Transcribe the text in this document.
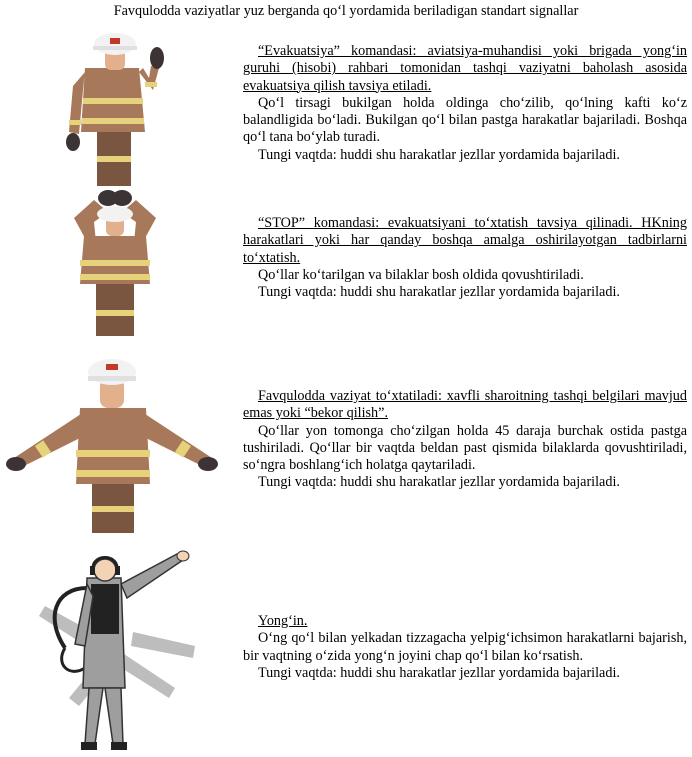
Favqulodda vaziyatlar yuz berganda qo‘l yordamida beriladigan standart signallar

“Evakuatsiya” komandasi: aviatsiya-muhandisi yoki brigada yong‘in guruhi (hisobi) rahbari tomonidan tashqi vaziyatni baholash asosida evakuatsiya qilish tavsiya etiladi.

Qo‘l tirsagi bukilgan holda oldinga cho‘zilib, qo‘lning kafti ko‘z balandligida bo‘ladi. Bukilgan qo‘l bilan pastga harakatlar bajariladi. Boshqa qo‘l tana bo‘ylab turadi.

Tungi vaqtda: huddi shu harakatlar jezllar yordamida bajariladi.

“STOP” komandasi: evakuatsiyani to‘xtatish tavsiya qilinadi. HKning harakatlari yoki har qanday boshqa amalga oshirilayotgan tadbirlarni to‘xtatish.

Qo‘llar ko‘tarilgan va bilaklar bosh oldida qovushtiriladi.

Tungi vaqtda: huddi shu harakatlar jezllar yordamida bajariladi.

Favqulodda vaziyat to‘xtatiladi: xavfli sharoitning tashqi belgilari mavjud emas yoki “bekor qilish”.

Qo‘llar yon tomonga cho‘zilgan holda 45 daraja burchak ostida pastga tushiriladi. Qo‘llar bir vaqtda beldan past qismida bilaklarda qovushtiriladi, so‘ngra boshlang‘ich holatga qaytariladi.

Tungi vaqtda: huddi shu harakatlar jezllar yordamida bajariladi.

Yong‘in.

O‘ng qo‘l bilan yelkadan tizzagacha yelpig‘ichsimon harakatlarni bajarish, bir vaqtning o‘zida yong‘n joyini chap qo‘l bilan ko‘rsatish.

Tungi vaqtda: huddi shu harakatlar jezllar yordamida bajariladi.
